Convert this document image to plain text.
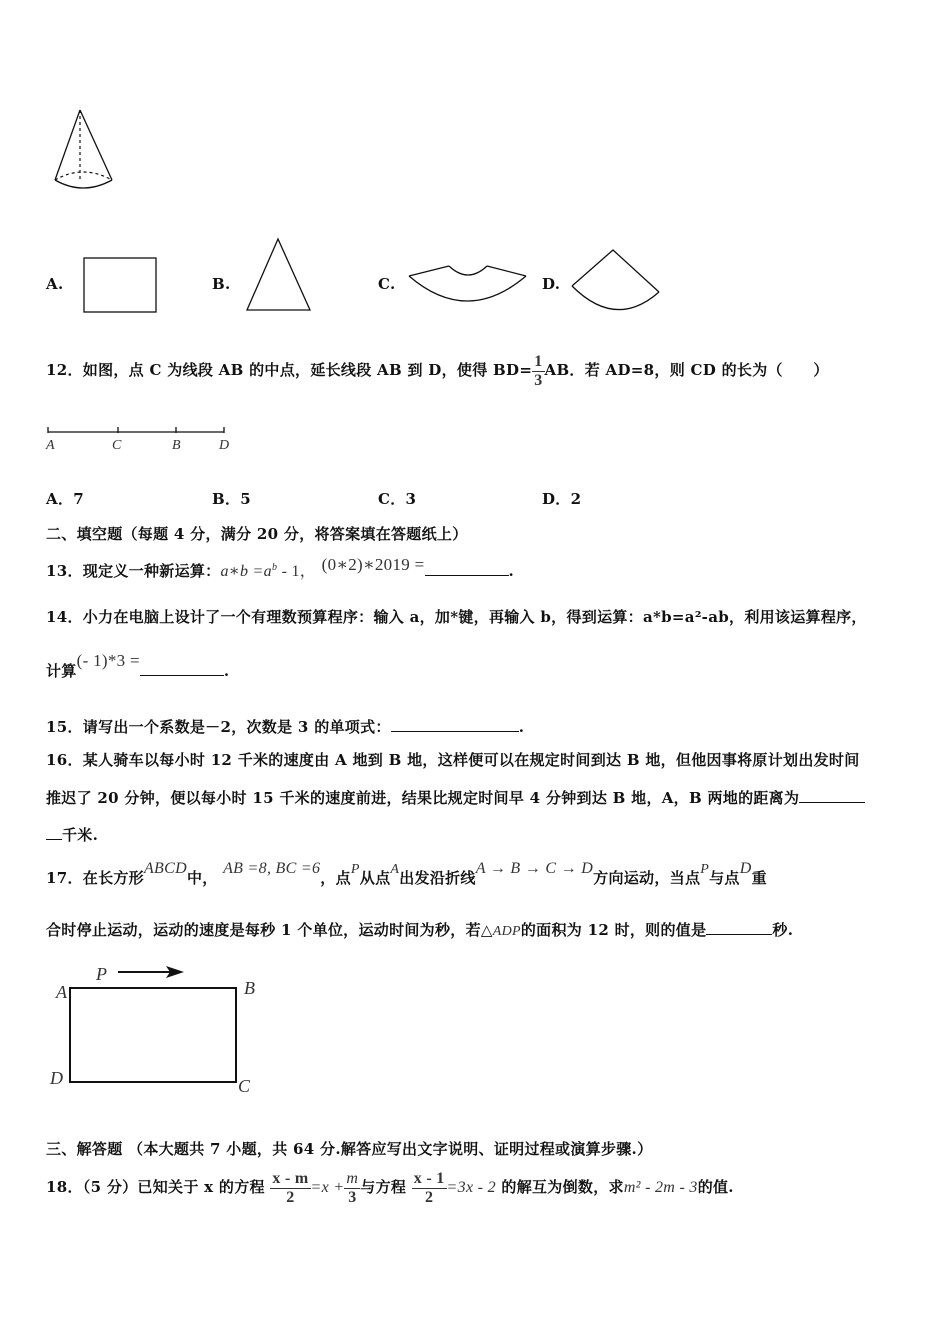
A.	B.	C.	D.
12．如图，点 C 为线段 AB 的中点，延长线段 AB 到 D，使得 $BD= \frac{1}{3}$ AB．若 AD=8，则 CD 的长为（　　）
A	C	B	D
A．7	B．5	C．3	D．2
二、填空题（每题 4 分，满分 20 分，将答案填在答题纸上）
13．现定义一种新运算：a∗b $=a^b - 1$， (0∗2)∗2019 =	.
14．小力在电脑上设计了一个有理数预算程序：输入 a，加*键，再输入 b，得到运算：a*b=a²-ab，利用该运算程序，
计算(- 1)*3 =.
15．请写出一个系数是－2，次数是 3 的单项式：	.
16．某人骑车以每小时 12 千米的速度由 A 地到 B 地，这样便可以在规定时间到达 B 地，但他因事将原计划出发时间
推迟了 20 分钟，便以每小时 15 千米的速度前进，结果比规定时间早 4 分钟到达 B 地，A，B 两地的距离为
千米.
17．在长方形ABCD中， AB =8, BC =6，点P从点A出发沿折线A → B → C → D方向运动，当点P与点D重
合时停止运动，运动的速度是每秒 1 个单位，运动时间为秒，若△ADP的面积为 12 时，则的值是	秒.
A	B
C
D
P
三、解答题 （本大题共 7 小题，共 64 分.解答应写出文字说明、证明过程或演算步骤.）
18．（5 分）已知关于 x 的方程 $\frac{x - m}{2} =x + \frac{m}{3}$ 与方程 $\frac{x - 1}{2} =3x - 2$ 的解互为倒数，求m² - 2m - 3的值.
